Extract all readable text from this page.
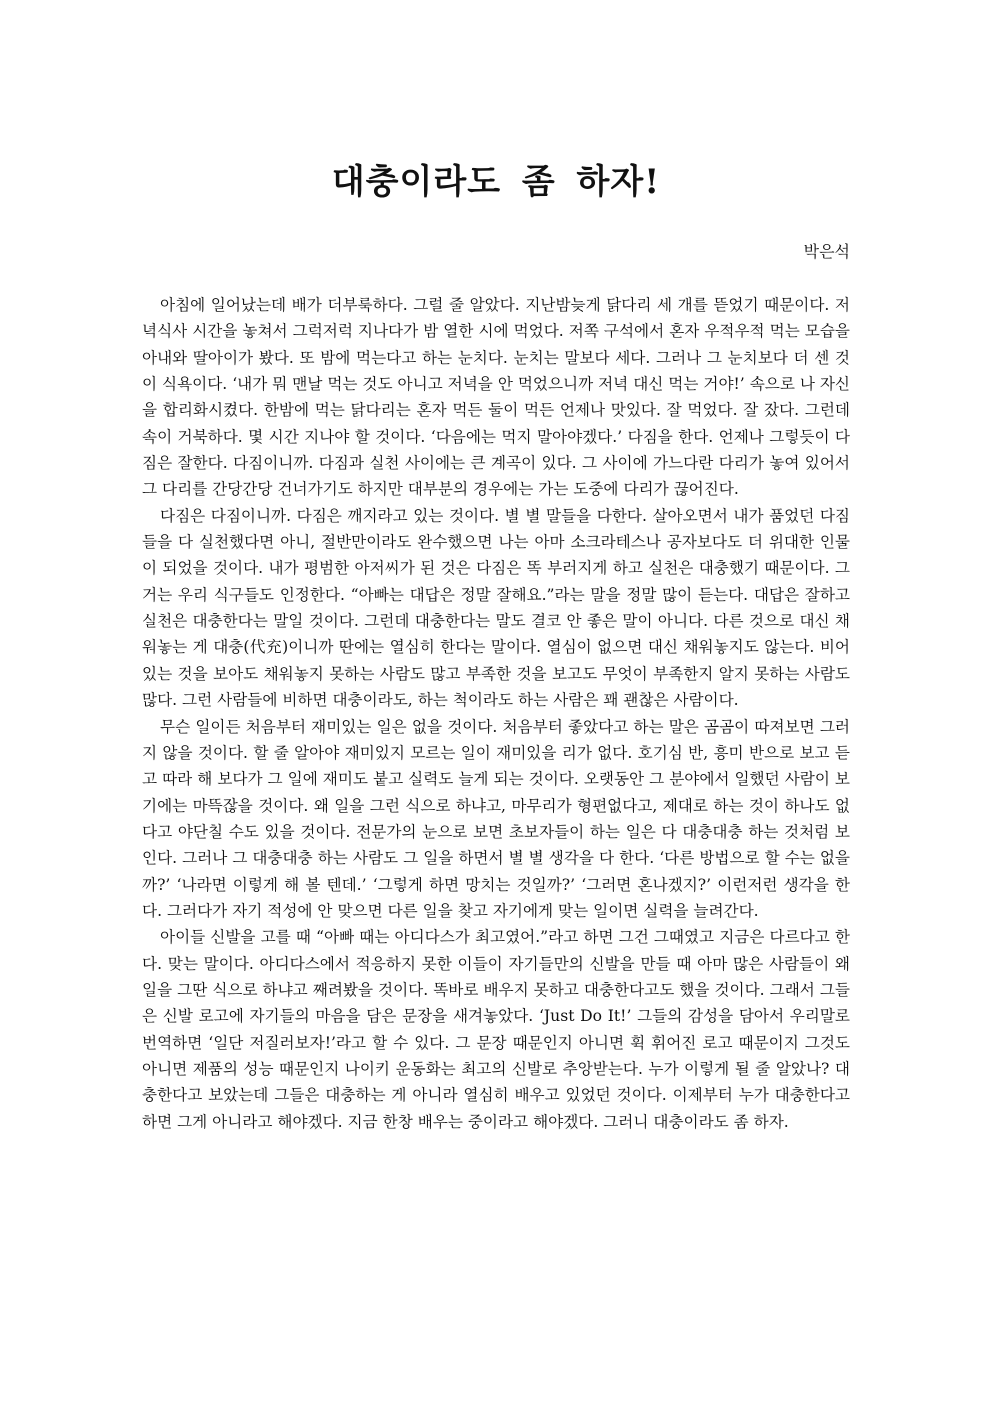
대충이라도 좀 하자!

박은석

아침에 일어났는데 배가 더부룩하다. 그럴 줄 알았다. 지난밤늦게 닭다리 세 개를 뜯었기 때문이다. 저녁식사 시간을 놓쳐서 그럭저럭 지나다가 밤 열한 시에 먹었다. 저쪽 구석에서 혼자 우적우적 먹는 모습을 아내와 딸아이가 봤다. 또 밤에 먹는다고 하는 눈치다. 눈치는 말보다 세다. 그러나 그 눈치보다 더 센 것이 식욕이다. ‘내가 뭐 맨날 먹는 것도 아니고 저녁을 안 먹었으니까 저녁 대신 먹는 거야!’ 속으로 나 자신을 합리화시켰다. 한밤에 먹는 닭다리는 혼자 먹든 둘이 먹든 언제나 맛있다. 잘 먹었다. 잘 잤다. 그런데 속이 거북하다. 몇 시간 지나야 할 것이다. ‘다음에는 먹지 말아야겠다.’ 다짐을 한다. 언제나 그렇듯이 다짐은 잘한다. 다짐이니까. 다짐과 실천 사이에는 큰 계곡이 있다. 그 사이에 가느다란 다리가 놓여 있어서 그 다리를 간당간당 건너가기도 하지만 대부분의 경우에는 가는 도중에 다리가 끊어진다.

다짐은 다짐이니까. 다짐은 깨지라고 있는 것이다. 별 별 말들을 다한다. 살아오면서 내가 품었던 다짐들을 다 실천했다면 아니, 절반만이라도 완수했으면 나는 아마 소크라테스나 공자보다도 더 위대한 인물이 되었을 것이다. 내가 평범한 아저씨가 된 것은 다짐은 똑 부러지게 하고 실천은 대충했기 때문이다. 그거는 우리 식구들도 인정한다. “아빠는 대답은 정말 잘해요.”라는 말을 정말 많이 듣는다. 대답은 잘하고 실천은 대충한다는 말일 것이다. 그런데 대충한다는 말도 결코 안 좋은 말이 아니다. 다른 것으로 대신 채워놓는 게 대충(代充)이니까 딴에는 열심히 한다는 말이다. 열심이 없으면 대신 채워놓지도 않는다. 비어 있는 것을 보아도 채워놓지 못하는 사람도 많고 부족한 것을 보고도 무엇이 부족한지 알지 못하는 사람도 많다. 그런 사람들에 비하면 대충이라도, 하는 척이라도 하는 사람은 꽤 괜찮은 사람이다.

무슨 일이든 처음부터 재미있는 일은 없을 것이다. 처음부터 좋았다고 하는 말은 곰곰이 따져보면 그러지 않을 것이다. 할 줄 알아야 재미있지 모르는 일이 재미있을 리가 없다. 호기심 반, 흥미 반으로 보고 듣고 따라 해 보다가 그 일에 재미도 붙고 실력도 늘게 되는 것이다. 오랫동안 그 분야에서 일했던 사람이 보기에는 마뜩잖을 것이다. 왜 일을 그런 식으로 하냐고, 마무리가 형편없다고, 제대로 하는 것이 하나도 없다고 야단칠 수도 있을 것이다. 전문가의 눈으로 보면 초보자들이 하는 일은 다 대충대충 하는 것처럼 보인다. 그러나 그 대충대충 하는 사람도 그 일을 하면서 별 별 생각을 다 한다. ‘다른 방법으로 할 수는 없을까?’ ‘나라면 이렇게 해 볼 텐데.’ ‘그렇게 하면 망치는 것일까?’ ‘그러면 혼나겠지?’ 이런저런 생각을 한다. 그러다가 자기 적성에 안 맞으면 다른 일을 찾고 자기에게 맞는 일이면 실력을 늘려간다.

아이들 신발을 고를 때 “아빠 때는 아디다스가 최고였어.”라고 하면 그건 그때였고 지금은 다르다고 한다. 맞는 말이다. 아디다스에서 적응하지 못한 이들이 자기들만의 신발을 만들 때 아마 많은 사람들이 왜 일을 그딴 식으로 하냐고 째려봤을 것이다. 똑바로 배우지 못하고 대충한다고도 했을 것이다. 그래서 그들은 신발 로고에 자기들의 마음을 담은 문장을 새겨놓았다. ‘Just Do It!’ 그들의 감성을 담아서 우리말로 번역하면 ‘일단 저질러보자!’라고 할 수 있다. 그 문장 때문인지 아니면 휙 휘어진 로고 때문이지 그것도 아니면 제품의 성능 때문인지 나이키 운동화는 최고의 신발로 추앙받는다. 누가 이렇게 될 줄 알았나? 대충한다고 보았는데 그들은 대충하는 게 아니라 열심히 배우고 있었던 것이다. 이제부터 누가 대충한다고 하면 그게 아니라고 해야겠다. 지금 한창 배우는 중이라고 해야겠다. 그러니 대충이라도 좀 하자.
